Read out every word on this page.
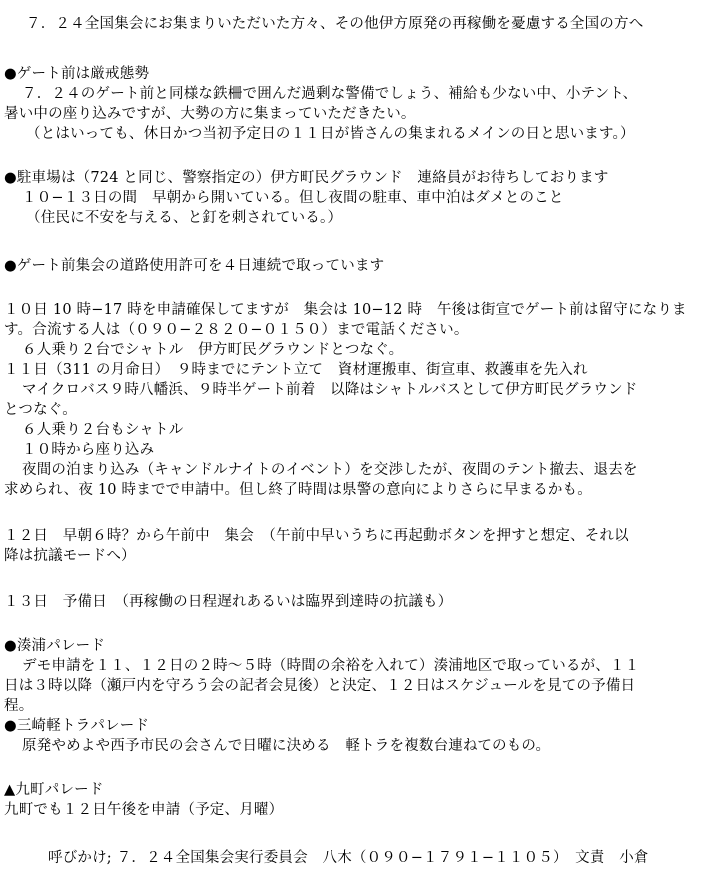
７．２４全国集会にお集まりいただいた方々、その他伊方原発の再稼働を憂慮する全国の方へ
●ゲート前は厳戒態勢
７．２４のゲート前と同様な鉄柵で囲んだ過剰な警備でしょう、補給も少ない中、小テント、
暑い中の座り込みですが、大勢の方に集まっていただきたい。
（とはいっても、休日かつ当初予定日の１１日が皆さんの集まれるメインの日と思います。）
●駐車場は（724 と同じ、警察指定の）伊方町民グラウンド　連絡員がお待ちしております
１０−１３日の間　早朝から開いている。但し夜間の駐車、車中泊はダメとのこと
（住民に不安を与える、と釘を刺されている。）
●ゲート前集会の道路使用許可を４日連続で取っています
１０日 10 時−17 時を申請確保してますが　集会は 10−12 時　午後は街宣でゲート前は留守になりま
す。合流する人は（０９０−２８２０−０１５０）まで電話ください。
６人乗り２台でシャトル　伊方町民グラウンドとつなぐ。
１１日（311 の月命日）　９時までにテント立て　資材運搬車、街宣車、救護車を先入れ
マイクロバス９時八幡浜、９時半ゲート前着　以降はシャトルバスとして伊方町民グラウンド
とつなぐ。
６人乗り２台もシャトル
１０時から座り込み
夜間の泊まり込み（キャンドルナイトのイベント）を交渉したが、夜間のテント撤去、退去を
求められ、夜 10 時までで申請中。但し終了時間は県警の意向によりさらに早まるかも。
１２日　早朝６時？から午前中　集会　（午前中早いうちに再起動ボタンを押すと想定、それ以
降は抗議モードへ）
１３日　予備日　（再稼働の日程遅れあるいは臨界到達時の抗議も）
●湊浦パレード
デモ申請を１１、１２日の２時〜５時（時間の余裕を入れて）湊浦地区で取っているが、１１
日は３時以降（瀬戸内を守ろう会の記者会見後）と決定、１２日はスケジュールを見ての予備日
程。
●三崎軽トラパレード
原発やめよや西予市民の会さんで日曜に決める　軽トラを複数台連ねてのもの。
▲九町パレード
九町でも１２日午後を申請（予定、月曜）
呼びかけ; ７．２４全国集会実行委員会　八木（０９０−１７９１−１１０５）　文責　小倉
